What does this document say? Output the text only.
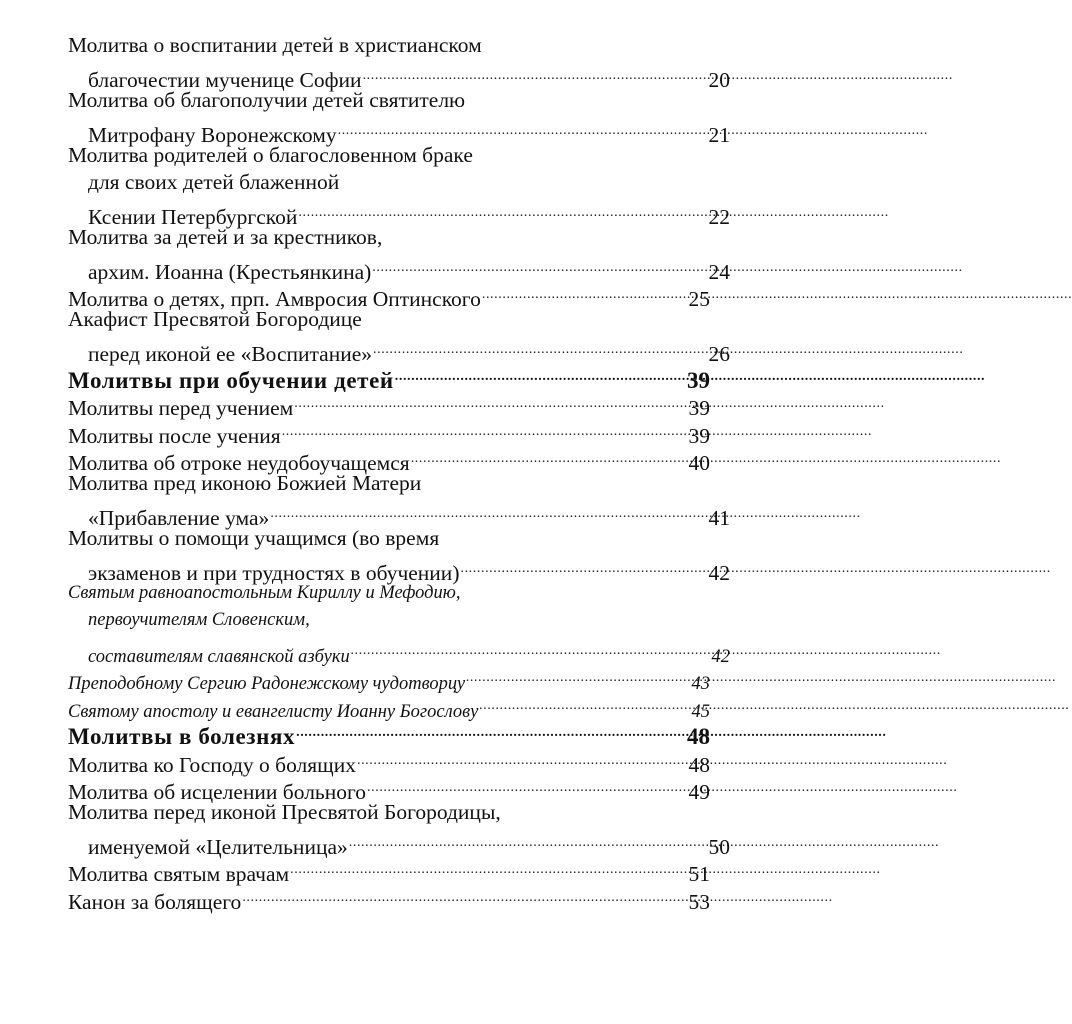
Молитва о воспитании детей в христианском
благочестии мученице Софии .....	20
Молитва об благополучии детей святителю
Митрофану Воронежскому .....	21
Молитва родителей о благословенном браке
для своих детей блаженной
Ксении Петербургской .....	22
Молитва за детей и за крестников,
архим. Иоанна (Крестьянкина) .....	24
Молитва о детях, прп. Амвросия Оптинского .....	25
Акафист Пресвятой Богородице
перед иконой ее «Воспитание» .....	26
Молитвы при обучении детей .....	39
Молитвы перед учением .....	39
Молитвы после учения .....	39
Молитва об отроке неудобоучащемся .....	40
Молитва пред иконою Божией Матери
«Прибавление ума» .....	41
Молитвы о помощи учащимся (во время
экзаменов и при трудностях в обучении) .....	42
Святым равноапостольным Кириллу и Мефодию,
первоучителям Словенским,
составителям славянской азбуки .....	42
Преподобному Сергию Радонежскому чудотворцу .....	43
Святому апостолу и евангелисту Иоанну Богослову .....	45
Молитвы в болезнях .....	48
Молитва ко Господу о болящих .....	48
Молитва об исцелении больного .....	49
Молитва перед иконой Пресвятой Богородицы,
именуемой «Целительница» .....	50
Молитва святым врачам .....	51
Канон за болящего .....	53
